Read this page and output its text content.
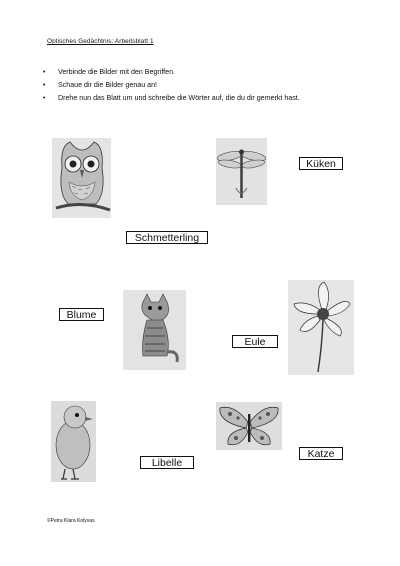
Optisches Gedächtnis: Arbeitsblatt 1
• Verbinde die Bilder mit den Begriffen.
• Schaue dir die Bilder genau an!
• Drehe nun das Blatt um und schreibe die Wörter auf, die du dir gemerkt hast.
Küken
Schmetterling
Blume
Eule
Libelle
Katze
©Petra Klara Kolyvas
